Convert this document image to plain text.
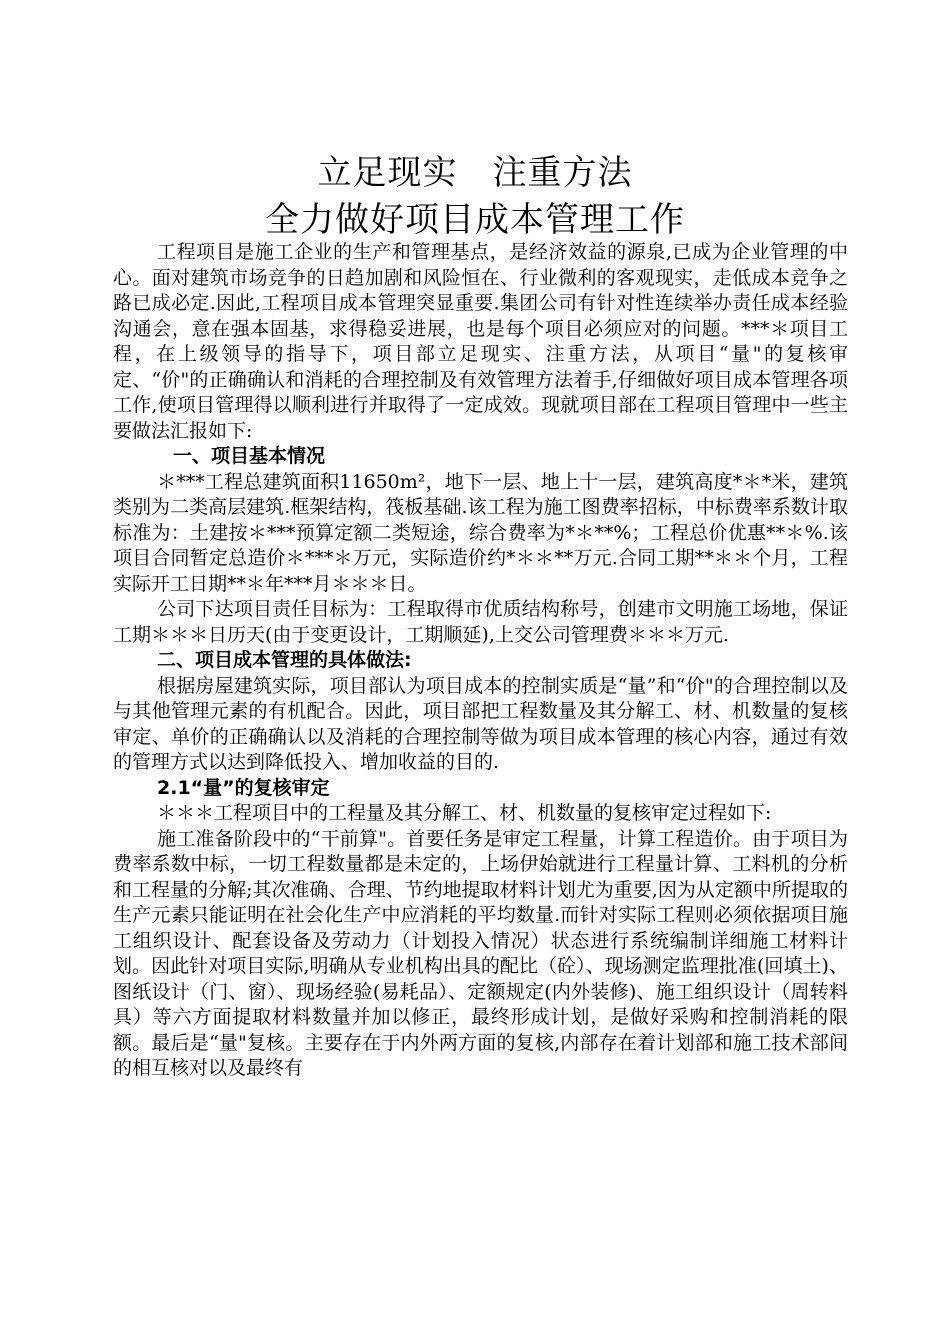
立足现实　注重方法
全力做好项目成本管理工作

工程项目是施工企业的生产和管理基点，是经济效益的源泉,已成为企业管理的中心。面对建筑市场竞争的日趋加剧和风险恒在、行业微利的客观现实，走低成本竞争之路已成必定.因此,工程项目成本管理突显重要.集团公司有针对性连续举办责任成本经验沟通会，意在强本固基，求得稳妥进展，也是每个项目必须应对的问题。***＊项目工程，在上级领导的指导下，项目部立足现实、注重方法，从项目“量"的复核审定、“价"的正确确认和消耗的合理控制及有效管理方法着手,仔细做好项目成本管理各项工作,使项目管理得以顺利进行并取得了一定成效。现就项目部在工程项目管理中一些主要做法汇报如下:

一、项目基本情况

＊***工程总建筑面积11650m²，地下一层、地上十一层，建筑高度*＊*米，建筑类别为二类高层建筑.框架结构，筏板基础.该工程为施工图费率招标，中标费率系数计取标准为：土建按＊***预算定额二类短途，综合费率为*＊**%；工程总价优惠**＊%.该项目合同暂定总造价＊***＊万元，实际造价约*＊＊**万元.合同工期**＊＊个月，工程实际开工日期**＊年***月＊＊＊日。

公司下达项目责任目标为：工程取得市优质结构称号，创建市文明施工场地，保证工期＊＊＊日历天(由于变更设计，工期顺延),上交公司管理费＊＊＊万元.

二、项目成本管理的具体做法:

根据房屋建筑实际，项目部认为项目成本的控制实质是“量”和“价"的合理控制以及与其他管理元素的有机配合。因此，项目部把工程数量及其分解工、材、机数量的复核审定、单价的正确确认以及消耗的合理控制等做为项目成本管理的核心内容，通过有效的管理方式以达到降低投入、增加收益的目的.

2.1“量”的复核审定

＊＊＊工程项目中的工程量及其分解工、材、机数量的复核审定过程如下:

施工准备阶段中的“干前算"。首要任务是审定工程量，计算工程造价。由于项目为费率系数中标，一切工程数量都是未定的，上场伊始就进行工程量计算、工料机的分析和工程量的分解;其次准确、合理、节约地提取材料计划尤为重要,因为从定额中所提取的生产元素只能证明在社会化生产中应消耗的平均数量.而针对实际工程则必须依据项目施工组织设计、配套设备及劳动力（计划投入情况）状态进行系统编制详细施工材料计划。因此针对项目实际,明确从专业机构出具的配比（砼）、现场测定监理批准(回填土)、图纸设计（门、窗）、现场经验(易耗品）、定额规定(内外装修)、施工组织设计（周转料具）等六方面提取材料数量并加以修正，最终形成计划，是做好采购和控制消耗的限额。最后是“量"复核。主要存在于内外两方面的复核,内部存在着计划部和施工技术部间的相互核对以及最终有
